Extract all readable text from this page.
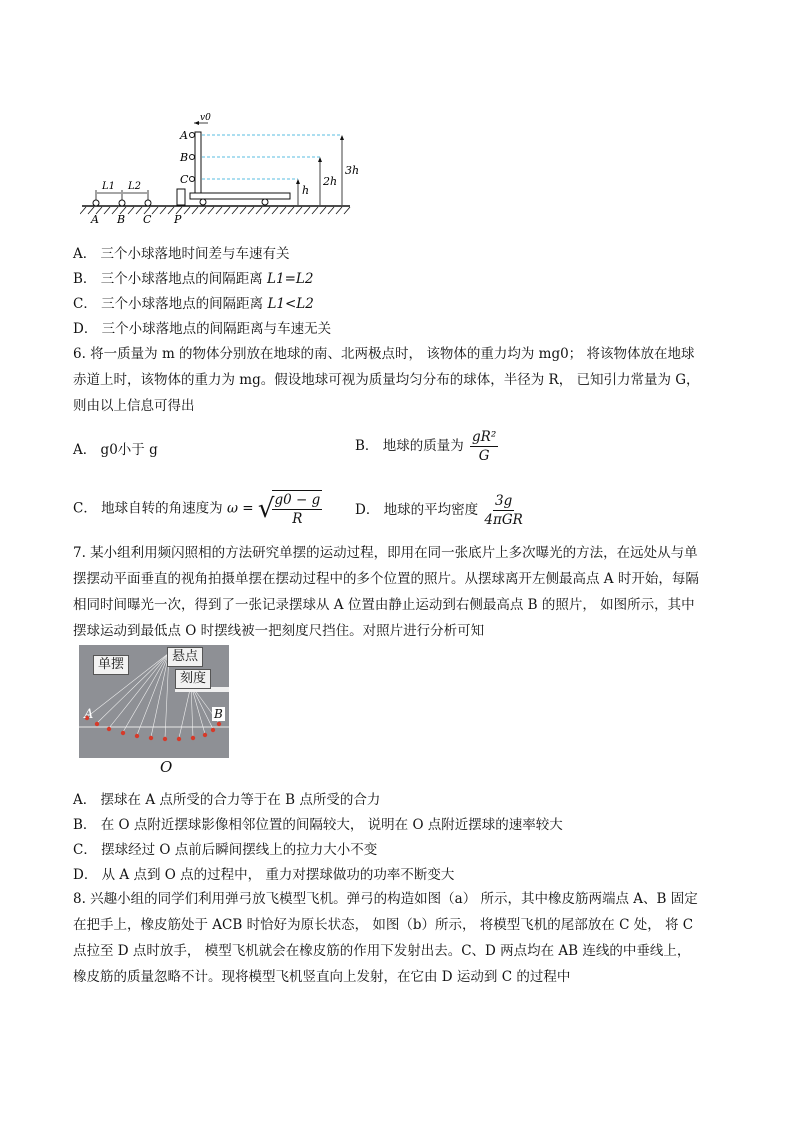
L1 L2
A B C P
A
B
C
v0
h
2h
3h
A． 三个小球落地时间差与车速有关
B． 三个小球落地点的间隔距离 L1=L2
C． 三个小球落地点的间隔距离 L1<L2
D． 三个小球落地点的间隔距离与车速无关
6. 将一质量为 m 的物体分别放在地球的南、北两极点时， 该物体的重力均为 mg0； 将该物体放在地球
赤道上时，该物体的重力为 mg。假设地球可视为质量均匀分布的球体，半径为 R， 已知引力常量为 G，
则由以上信息可得出
A． g0小于 g	B． 地球的质量为 $\frac{\text{gR²}}{G}$
C． 地球自转的角速度为 ω = √
$\frac{g0 - g}{R}$ D． 地球的平均密度 $\frac{3g}{\text{4πGR}}$
7. 某小组利用频闪照相的方法研究单摆的运动过程，即用在同一张底片上多次曝光的方法，在远处从与单
摆摆动平面垂直的视角拍摄单摆在摆动过程中的多个位置的照片。从摆球离开左侧最高点 A 时开始，每隔
相同时间曝光一次，得到了一张记录摆球从 A 位置由静止运动到右侧最高点 B 的照片， 如图所示，其中
摆球运动到最低点 O 时摆线被一把刻度尺挡住。对照片进行分析可知
单摆
悬点
刻度
A	B
O
A． 摆球在 A 点所受的合力等于在 B 点所受的合力
B． 在 O 点附近摆球影像相邻位置的间隔较大， 说明在 O 点附近摆球的速率较大
C． 摆球经过 O 点前后瞬间摆线上的拉力大小不变
D． 从 A 点到 O 点的过程中， 重力对摆球做功的功率不断变大
8. 兴趣小组的同学们利用弹弓放飞模型飞机。弹弓的构造如图（a） 所示，其中橡皮筋两端点 A、B 固定
在把手上，橡皮筋处于 ACB 时恰好为原长状态， 如图（b）所示， 将模型飞机的尾部放在 C 处， 将 C
点拉至 D 点时放手， 模型飞机就会在橡皮筋的作用下发射出去。C、D 两点均在 AB 连线的中垂线上，
橡皮筋的质量忽略不计。现将模型飞机竖直向上发射，在它由 D 运动到 C 的过程中
